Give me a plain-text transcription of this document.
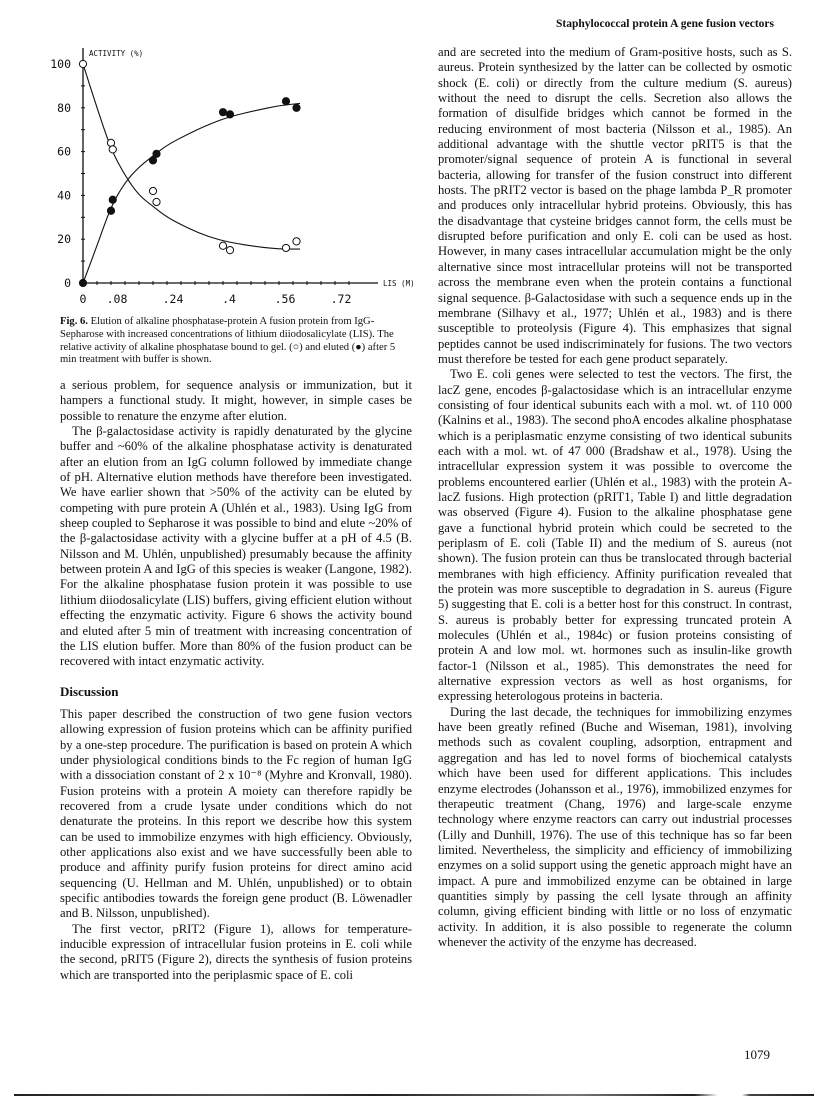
Staphylococcal protein A gene fusion vectors
0 .08	.24	.4	.56	.72
0
20
40
60
80
100
ACTIVITY (%)
LIS (M)
Fig. 6. Elution of alkaline phosphatase-protein A fusion protein from IgG-Sepharose with increased concentrations of lithium diiodosalicylate (LIS). The relative activity of alkaline phosphatase bound to gel. (○) and eluted (●) after 5 min treatment with buffer is shown.

a serious problem, for sequence analysis or immunization, but it hampers a functional study. It might, however, in simple cases be possible to renature the enzyme after elution.

The β-galactosidase activity is rapidly denaturated by the glycine buffer and ~60% of the alkaline phosphatase activity is denaturated after an elution from an IgG column followed by immediate change of pH. Alternative elution methods have therefore been investigated. We have earlier shown that >50% of the activity can be eluted by competing with pure protein A (Uhlén et al., 1983). Using IgG from sheep coupled to Sepharose it was possible to bind and elute ~20% of the β-galactosidase activity with a glycine buffer at a pH of 4.5 (B. Nilsson and M. Uhlén, unpublished) presumably because the affinity between protein A and IgG of this species is weaker (Langone, 1982). For the alkaline phosphatase fusion protein it was possible to use lithium diiodosalicylate (LIS) buffers, giving efficient elution without effecting the enzymatic activity. Figure 6 shows the activity bound and eluted after 5 min of treatment with increasing concentration of the LIS elution buffer. More than 80% of the fusion product can be recovered with intact enzymatic activity.

Discussion

This paper described the construction of two gene fusion vectors allowing expression of fusion proteins which can be affinity purified by a one-step procedure. The purification is based on protein A which under physiological conditions binds to the Fc region of human IgG with a dissociation constant of 2 x 10⁻⁸ (Myhre and Kronvall, 1980). Fusion proteins with a protein A moiety can therefore rapidly be recovered from a crude lysate under conditions which do not denaturate the proteins. In this report we describe how this system can be used to immobilize enzymes with high efficiency. Obviously, other applications also exist and we have successfully been able to produce and affinity purify fusion proteins for direct amino acid sequencing (U. Hellman and M. Uhlén, unpublished) or to obtain specific antibodies towards the foreign gene product (B. Löwenadler and B. Nilsson, unpublished).

The first vector, pRIT2 (Figure 1), allows for temperature-inducible expression of intracellular fusion proteins in E. coli while the second, pRIT5 (Figure 2), directs the synthesis of fusion proteins which are transported into the periplasmic space of E. coli

and are secreted into the medium of Gram-positive hosts, such as S. aureus. Protein synthesized by the latter can be collected by osmotic shock (E. coli) or directly from the culture medium (S. aureus) without the need to disrupt the cells. Secretion also allows the formation of disulfide bridges which cannot be formed in the reducing environment of most bacteria (Nilsson et al., 1985). An additional advantage with the shuttle vector pRIT5 is that the promoter/signal sequence of protein A is functional in several bacteria, allowing for transfer of the fusion construct into different hosts. The pRIT2 vector is based on the phage lambda P_R promoter and produces only intracellular hybrid proteins. Obviously, this has the disadvantage that cysteine bridges cannot form, the cells must be disrupted before purification and only E. coli can be used as host. However, in many cases intracellular accumulation might be the only alternative since most intracellular proteins will not be transported across the membrane even when the protein contains a functional signal sequence. β-Galactosidase with such a sequence ends up in the membrane (Silhavy et al., 1977; Uhlén et al., 1983) and is there susceptible to proteolysis (Figure 4). This emphasizes that signal peptides cannot be used indiscriminately for fusions. The two vectors must therefore be tested for each gene product separately.

Two E. coli genes were selected to test the vectors. The first, the lacZ gene, encodes β-galactosidase which is an intracellular enzyme consisting of four identical subunits each with a mol. wt. of 110 000 (Kalnins et al., 1983). The second phoA encodes alkaline phosphatase which is a periplasmatic enzyme consisting of two identical subunits each with a mol. wt. of 47 000 (Bradshaw et al., 1978). Using the intracellular expression system it was possible to overcome the problems encountered earlier (Uhlén et al., 1983) with the protein A-lacZ fusions. High protection (pRIT1, Table I) and little degradation was observed (Figure 4). Fusion to the alkaline phosphatase gene gave a functional hybrid protein which could be secreted to the periplasm of E. coli (Table II) and the medium of S. aureus (not shown). The fusion protein can thus be translocated through bacterial membranes with high efficiency. Affinity purification revealed that the protein was more susceptible to degradation in S. aureus (Figure 5) suggesting that E. coli is a better host for this construct. In contrast, S. aureus is probably better for expressing truncated protein A molecules (Uhlén et al., 1984c) or fusion proteins consisting of protein A and low mol. wt. hormones such as insulin-like growth factor-1 (Nilsson et al., 1985). This demonstrates the need for alternative expression vectors as well as host organisms, for expressing heterologous proteins in bacteria.

During the last decade, the techniques for immobilizing enzymes have been greatly refined (Buche and Wiseman, 1981), involving methods such as covalent coupling, adsorption, entrapment and aggregation and has led to novel forms of biochemical catalysts which have been used for different applications. This includes enzyme electrodes (Johansson et al., 1976), immobilized enzymes for therapeutic treatment (Chang, 1976) and large-scale enzyme technology where enzyme reactors can carry out industrial processes (Lilly and Dunhill, 1976). The use of this technique has so far been limited. Nevertheless, the simplicity and efficiency of immobilizing enzymes on a solid support using the genetic approach might have an impact. A pure and immobilized enzyme can be obtained in large quantities simply by passing the cell lysate through an affinity column, giving efficient binding with little or no loss of enzymatic activity. In addition, it is also possible to regenerate the column whenever the activity of the enzyme has decreased.

1079
